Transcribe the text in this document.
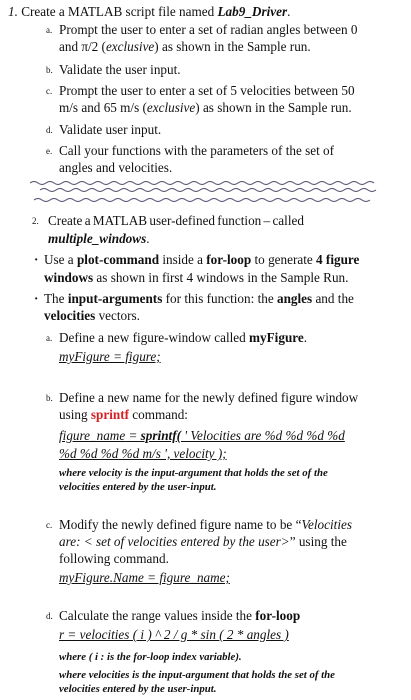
1. Create a MATLAB script file named Lab9_Driver.
a. Prompt the user to enter a set of radian angles between 0
and π/2 (exclusive) as shown in the Sample run.
b. Validate the user input.
c. Prompt the user to enter a set of 5 velocities between 50
m/s and 65 m/s (exclusive) as shown in the Sample run.
d. Validate user input.
e. Call your functions with the parameters of the set of
angles and velocities.
2. Create a MATLAB user-defined function – called
multiple_windows.
· Use a plot-command inside a for-loop to generate 4 figure
windows as shown in first 4 windows in the Sample Run.
· The input-arguments for this function: the angles and the
velocities vectors.
a. Define a new figure-window called myFigure.
myFigure = figure;
b. Define a new name for the newly defined figure window
using sprintf command:
figure_name = sprintf( ' Velocities are %d %d %d %d
%d %d %d %d m/s ', velocity );
where velocity is the input-argument that holds the set of the
velocities entered by the user-input.
c. Modify the newly defined figure name to be “Velocities
are: < set of velocities entered by the user>” using the
following command.
myFigure.Name = figure_name;
d. Calculate the range values inside the for-loop
r = velocities ( i ) ^ 2 / g * sin ( 2 * angles )
where ( i : is the for-loop index variable).
where velocities is the input-argument that holds the set of the
velocities entered by the user-input.
